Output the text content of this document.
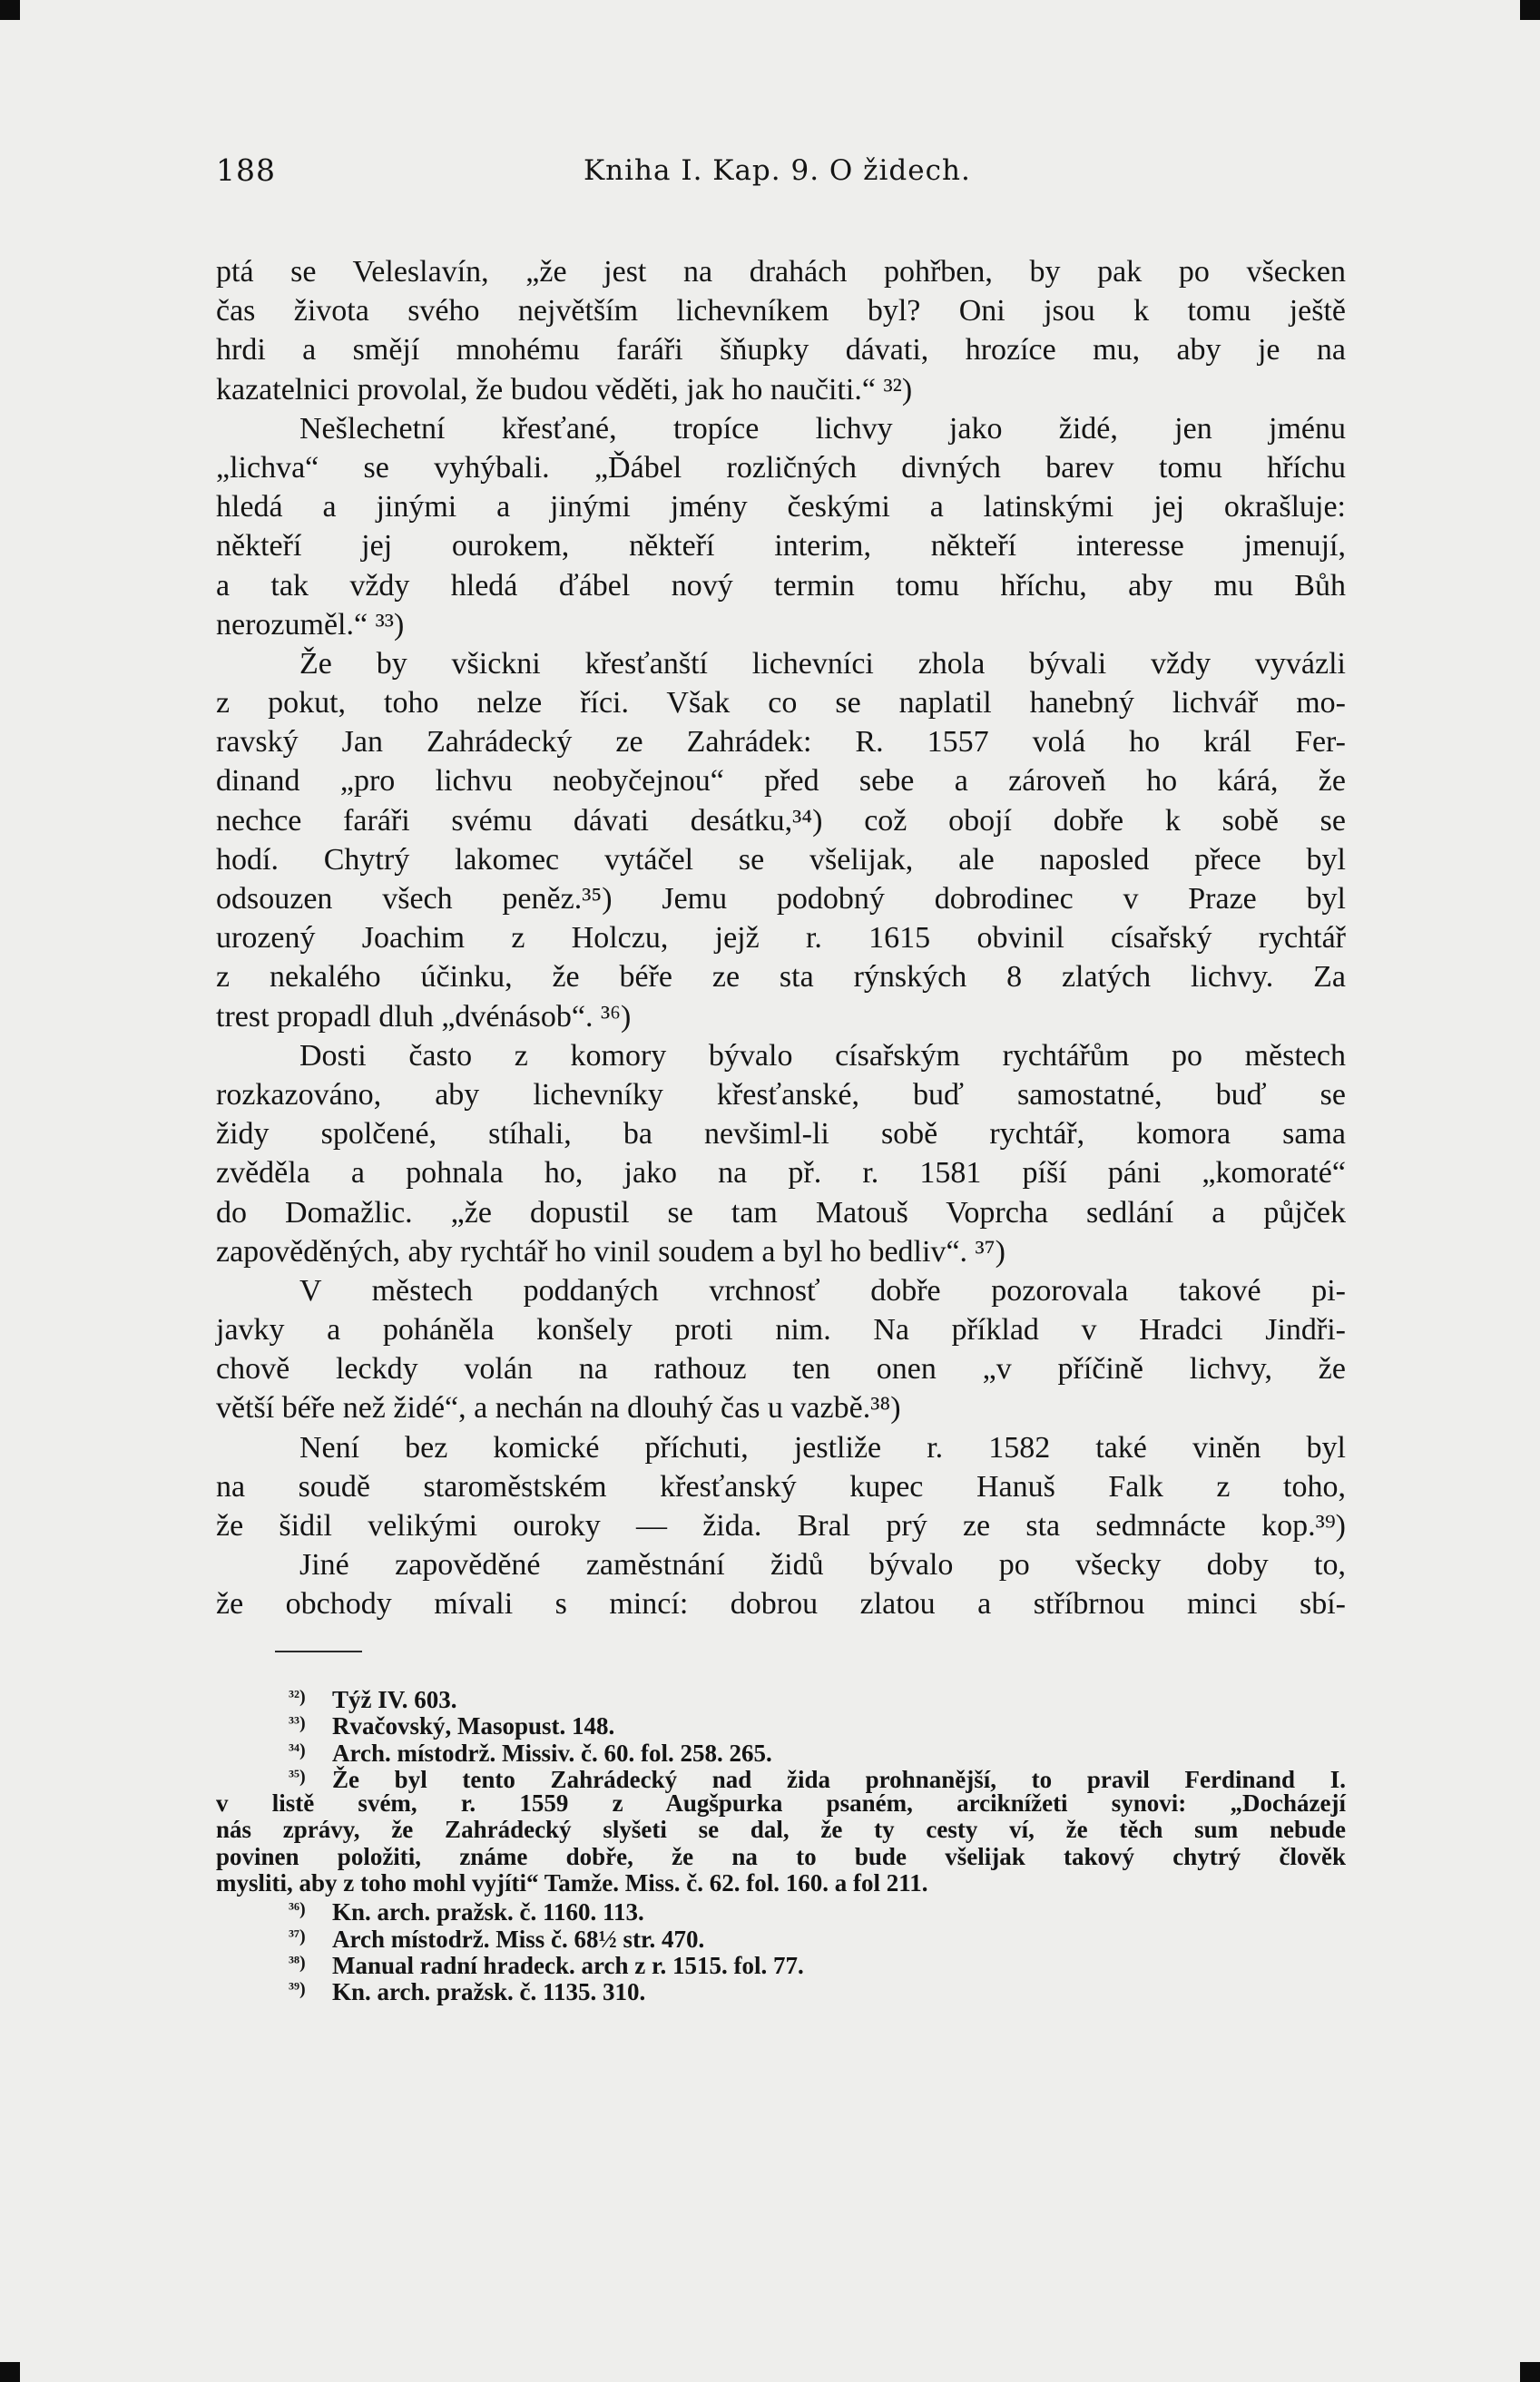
188	Kniha I. Kap. 9. O židech.
ptá se Veleslavín, „že jest na drahách pohřben, by pak po všecken
čas života svého největším lichevníkem byl? Oni jsou k tomu ještě
hrdi a smějí mnohému faráři šňupky dávati, hrozíce mu, aby je na
kazatelnici provolal, že budou věděti, jak ho naučiti.“ ³²)
Nešlechetní křesťané, tropíce lichvy jako židé, jen jménu
„lichva“ se vyhýbali. „Ďábel rozličných divných barev tomu hříchu
hledá a jinými a jinými jmény českými a latinskými jej okrašluje:
někteří jej ourokem, někteří interim, někteří interesse jmenují,
a tak vždy hledá ďábel nový termin tomu hříchu, aby mu Bůh
nerozuměl.“ ³³)
Že by všickni křesťanští lichevníci zhola bývali vždy vyvázli
z pokut, toho nelze říci. Však co se naplatil hanebný lichvář mo-
ravský Jan Zahrádecký ze Zahrádek: R. 1557 volá ho král Fer-
dinand „pro lichvu neobyčejnou“ před sebe a zároveň ho kárá, že
nechce faráři svému dávati desátku,³⁴) což obojí dobře k sobě se
hodí. Chytrý lakomec vytáčel se všelijak, ale naposled přece byl
odsouzen všech peněz.³⁵) Jemu podobný dobrodinec v Praze byl
urozený Joachim z Holczu, jejž r. 1615 obvinil císařský rychtář
z nekalého účinku, že béře ze sta rýnských 8 zlatých lichvy. Za
trest propadl dluh „dvénásob“. ³⁶)
Dosti často z komory bývalo císařským rychtářům po městech
rozkazováno, aby lichevníky křesťanské, buď samostatné, buď se
židy spolčené, stíhali, ba nevšiml-li sobě rychtář, komora sama
zvěděla a pohnala ho, jako na př. r. 1581 píší páni „komoraté“
do Domažlic. „že dopustil se tam Matouš Voprcha sedlání a půjček
zapověděných, aby rychtář ho vinil soudem a byl ho bedliv“. ³⁷)
V městech poddaných vrchnosť dobře pozorovala takové pi-
javky a poháněla konšely proti nim. Na příklad v Hradci Jindři-
chově leckdy volán na rathouz ten onen „v příčině lichvy, že
větší béře než židé“, a nechán na dlouhý čas u vazbě.³⁸)
Není bez komické příchuti, jestliže r. 1582 také viněn byl
na soudě staroměstském křesťanský kupec Hanuš Falk z toho,
že šidil velikými ouroky — žida. Bral prý ze sta sedmnácte kop.³⁹)
Jiné zapověděné zaměstnání židů bývalo po všecky doby to,
že obchody mívali s mincí: dobrou zlatou a stříbrnou minci sbí-
³²) Týž IV. 603.
³³) Rvačovský, Masopust. 148.
³⁴) Arch. místodrž. Missiv. č. 60. fol. 258. 265.
³⁵) Že byl tento Zahrádecký nad žida prohnanější, to pravil Ferdinand I.
v listě svém, r. 1559 z Augšpurka psaném, arciknížeti synovi: „Docházejí
nás zprávy, že Zahrádecký slyšeti se dal, že ty cesty ví, že těch sum nebude
povinen položiti, známe dobře, že na to bude všelijak takový chytrý člověk
mysliti, aby z toho mohl vyjíti“ Tamže. Miss. č. 62. fol. 160. a fol 211.
³⁶) Kn. arch. pražsk. č. 1160. 113.
³⁷) Arch místodrž. Miss č. 68½ str. 470.
³⁸) Manual radní hradeck. arch z r. 1515. fol. 77.
³⁹) Kn. arch. pražsk. č. 1135. 310.
